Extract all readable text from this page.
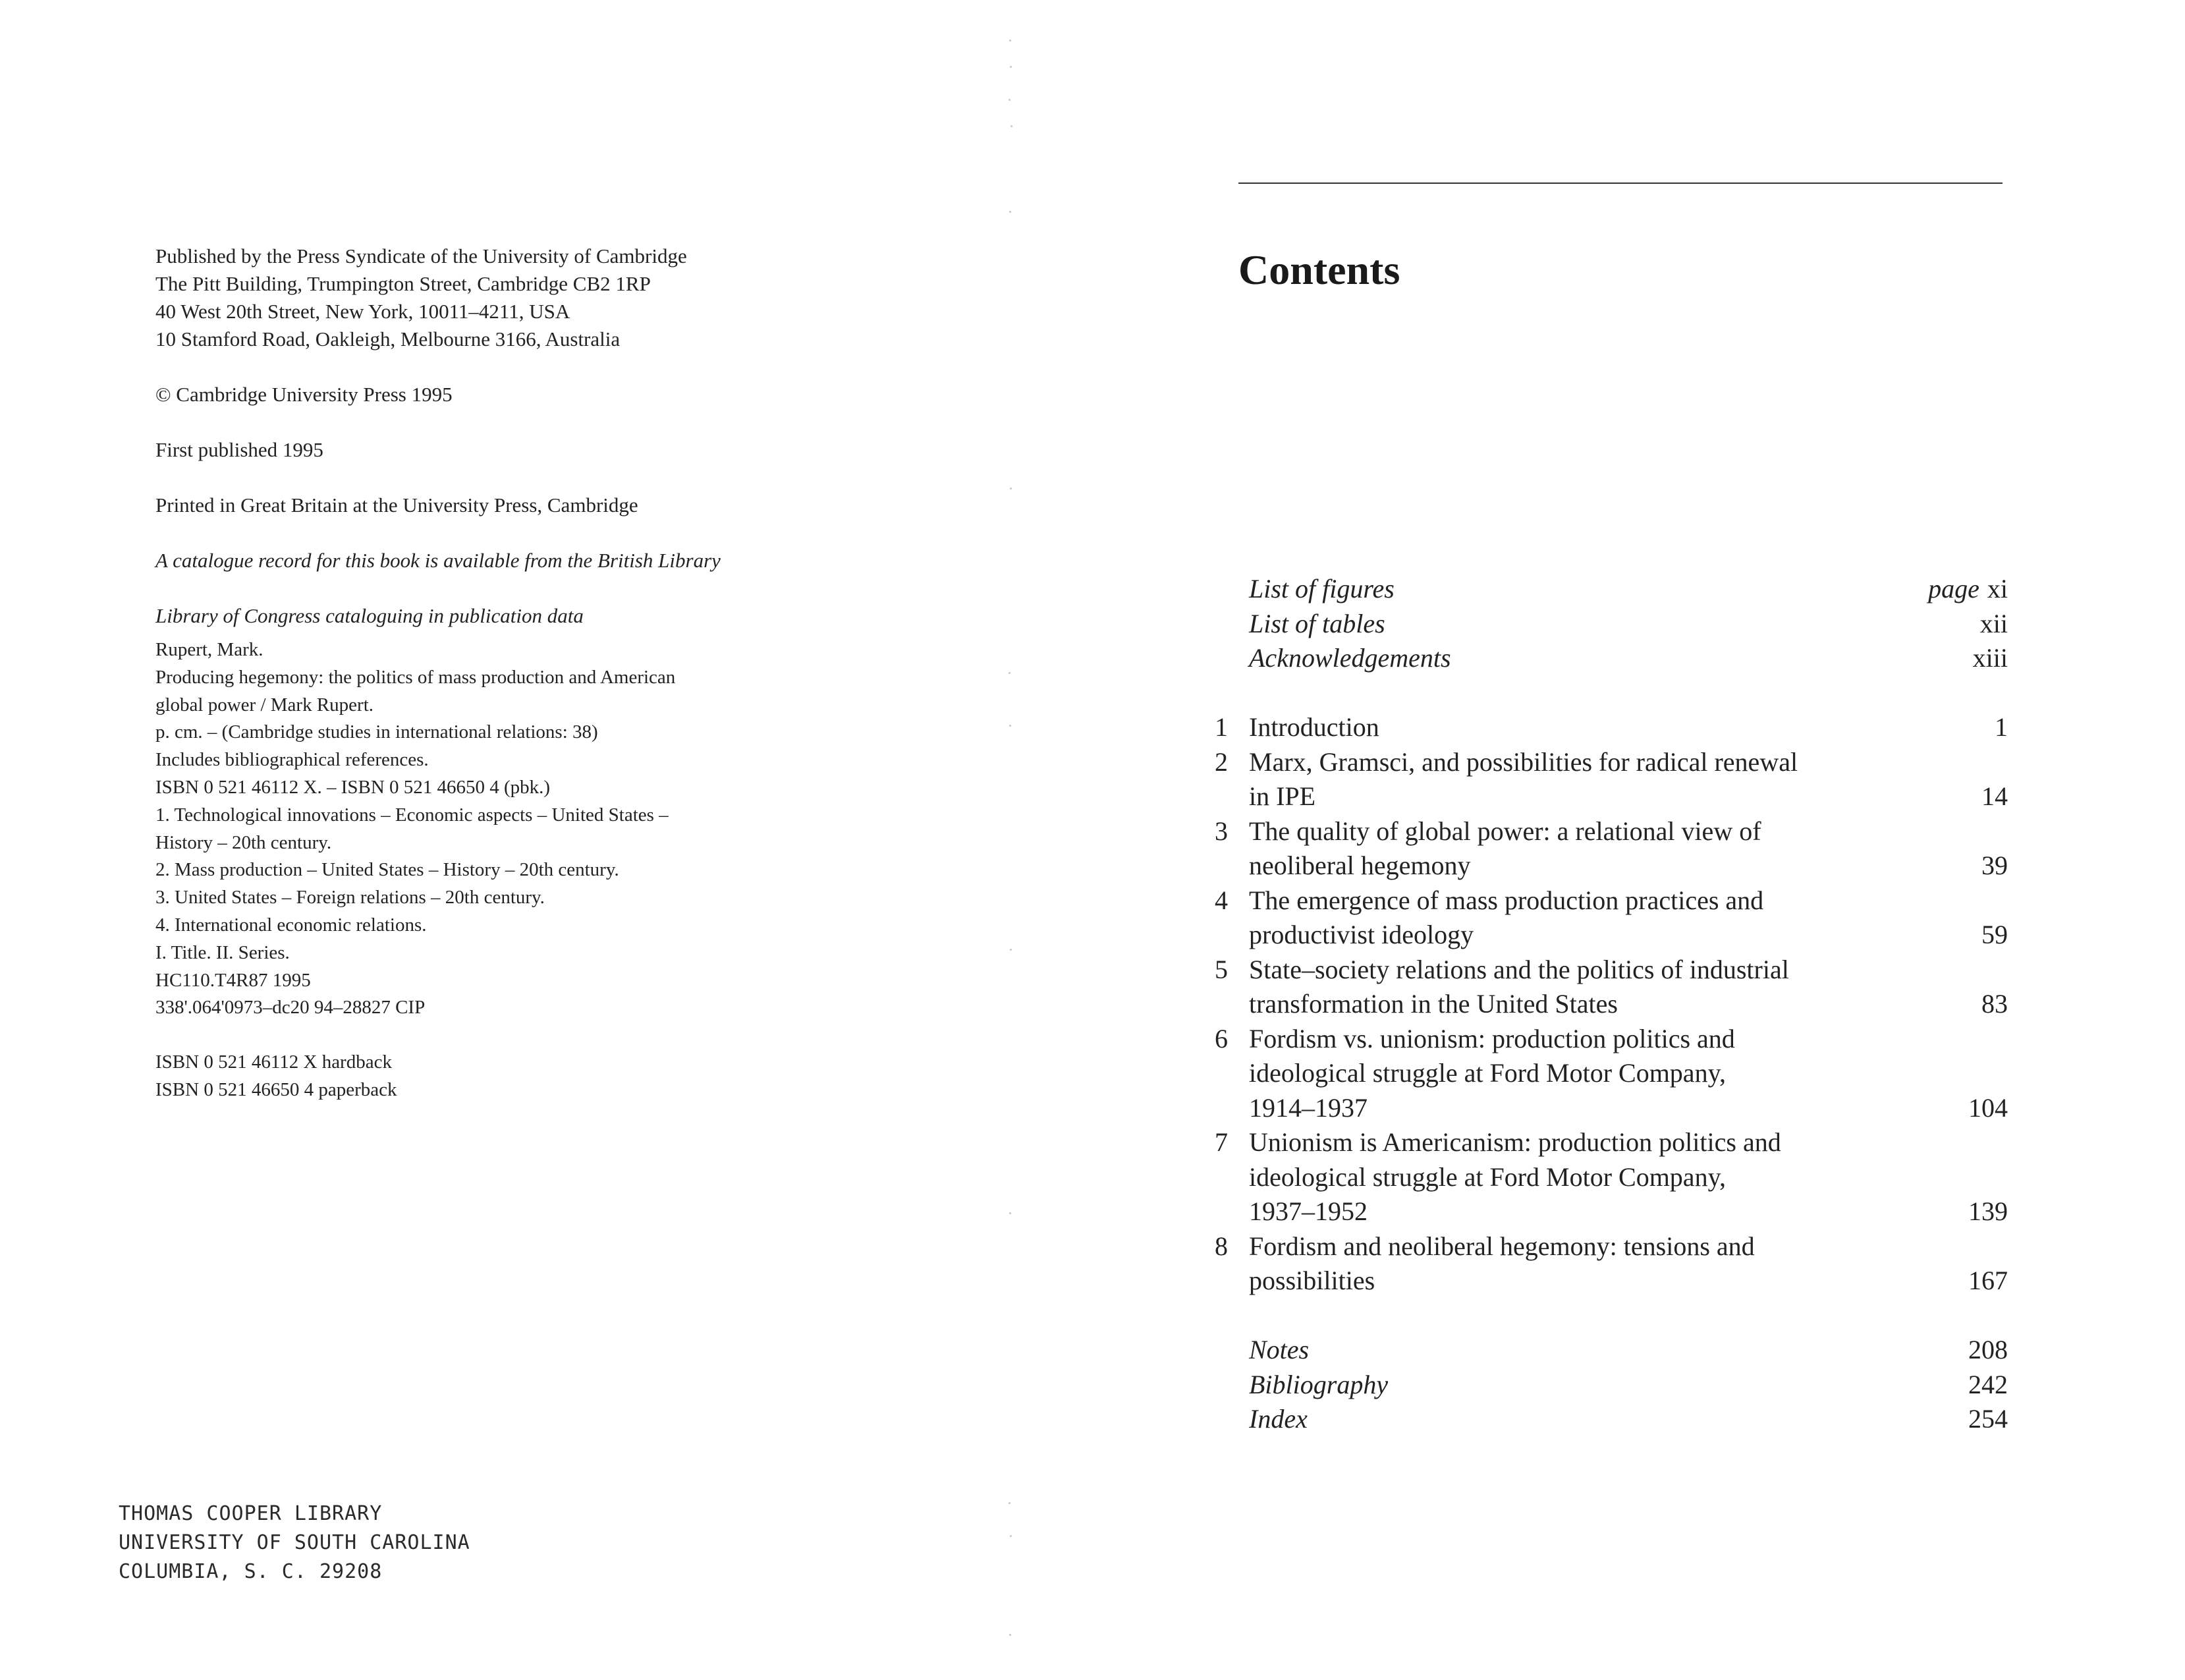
Published by the Press Syndicate of the University of Cambridge

The Pitt Building, Trumpington Street, Cambridge CB2 1RP

40 West 20th Street, New York, 10011–4211, USA

10 Stamford Road, Oakleigh, Melbourne 3166, Australia

© Cambridge University Press 1995

First published 1995

Printed in Great Britain at the University Press, Cambridge

A catalogue record for this book is available from the British Library

Library of Congress cataloguing in publication data

Rupert, Mark.

Producing hegemony: the politics of mass production and American

global power / Mark Rupert.

p. cm. – (Cambridge studies in international relations: 38)

Includes bibliographical references.

ISBN 0 521 46112 X. – ISBN 0 521 46650 4 (pbk.)

1. Technological innovations – Economic aspects – United States –

History – 20th century.

2. Mass production – United States – History – 20th century.

3. United States – Foreign relations – 20th century.

4. International economic relations.

I. Title. II. Series.

HC110.T4R87 1995

338'.064'0973–dc20 94–28827 CIP

ISBN 0 521 46112 X hardback

ISBN 0 521 46650 4 paperback

THOMAS COOPER LIBRARY

UNIVERSITY OF SOUTH CAROLINA

COLUMBIA, S. C. 29208

Contents
List of figures	page xi
List of tables	xii
Acknowledgements	xiii
1 Introduction	1
2 Marx, Gramsci, and possibilities for radical renewal
in IPE	14
3 The quality of global power: a relational view of
neoliberal hegemony	39
4 The emergence of mass production practices and
productivist ideology	59
5 State–society relations and the politics of industrial
transformation in the United States	83
6 Fordism vs. unionism: production politics and
ideological struggle at Ford Motor Company,
1914–1937	104
7 Unionism is Americanism: production politics and
ideological struggle at Ford Motor Company,
1937–1952	139
8 Fordism and neoliberal hegemony: tensions and
possibilities	167
Notes	208
Bibliography	242
Index	254
